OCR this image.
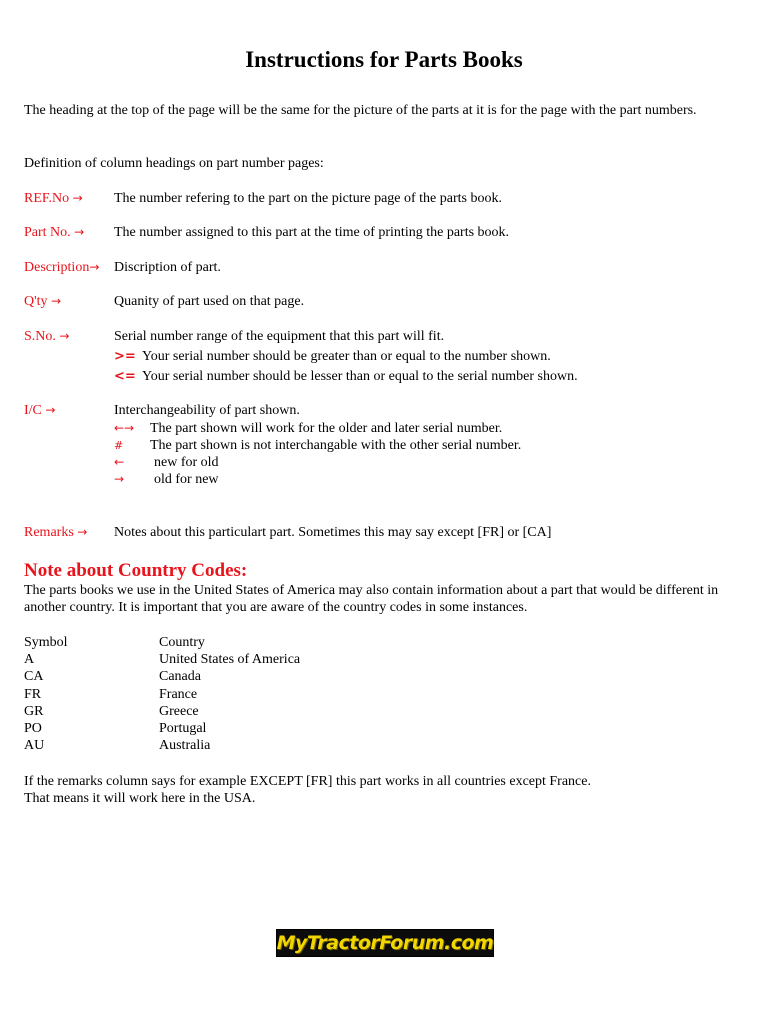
Instructions for Parts Books

The heading at the top of the page will be the same for the picture of the parts at it is for the page with the part numbers.

Definition of column headings on part number pages:

REF.No → The number refering to the part on the picture page of the parts book.
Part No. → The number assigned to this part at the time of printing the parts book.
Description→ Discription of part.
Q'ty →	Quanity of part used on that page.
S.No. →	Serial number range of the equipment that this part will fit.
>= Your serial number should be greater than or equal to the number shown.
<= Your serial number should be lesser than or equal to the serial number shown.
I/C →	Interchangeability of part shown.
←→ The part shown will work for the older and later serial number.
# The part shown is not interchangable with the other serial number.
← new for old
→ old for new
Remarks → Notes about this particulart part. Sometimes this may say except [FR] or [CA]
Note about Country Codes:

The parts books we use in the United States of America may also contain information about a part that would be different in another country. It is important that you are aware of the country codes in some instances.

Symbol	Country
A	United States of America
CA	Canada
FR	France
GR	Greece
PO	Portugal
AU	Australia

If the remarks column says for example EXCEPT [FR] this part works in all countries except France.

That means it will work here in the USA.

MyTractorForum.com
